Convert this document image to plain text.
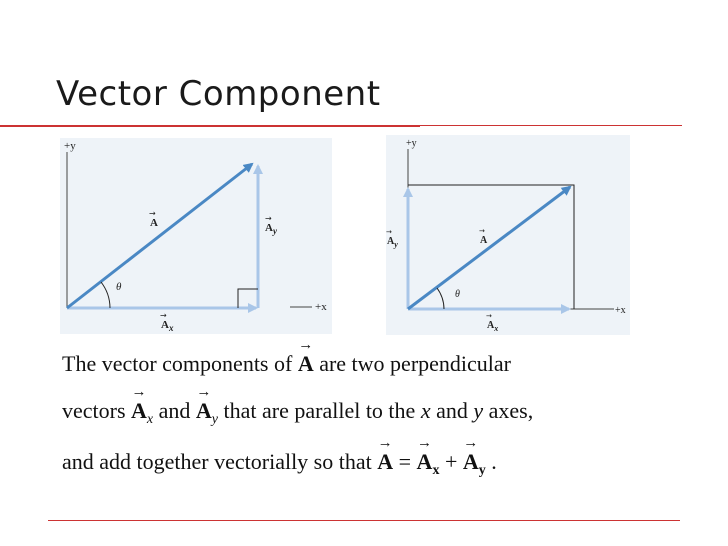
Vector Component
+y
+x
θ
→
A	→
$A_y$
→
$A_x$
+y
+x
θ
→
A
→
$A_y$
→
$A_x$
The vector components of → A are two perpendicular
vectors → $A_x$ and → $A_y$ that are parallel to the x and y axes,
and add together vectorially so that → A = → $A_x$ + → $A_y$ .
